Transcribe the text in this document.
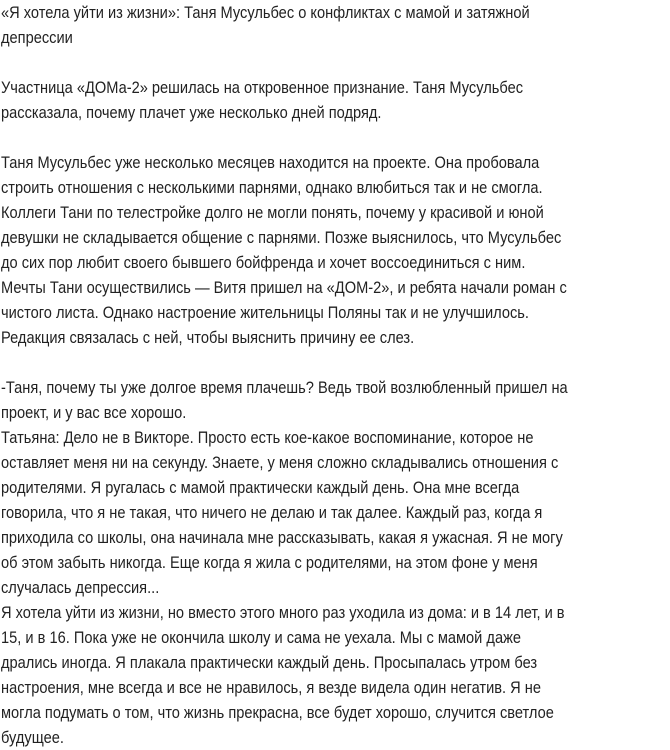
«Я хотела уйти из жизни»: Таня Мусульбес о конфликтах с мамой и затяжной
депрессии
Участница «ДОМа-2» решилась на откровенное признание. Таня Мусульбес
рассказала, почему плачет уже несколько дней подряд.
Таня Мусульбес уже несколько месяцев находится на проекте. Она пробовала
строить отношения с несколькими парнями, однако влюбиться так и не смогла.
Коллеги Тани по телестройке долго не могли понять, почему у красивой и юной
девушки не складывается общение с парнями. Позже выяснилось, что Мусульбес
до сих пор любит своего бывшего бойфренда и хочет воссоединиться с ним.
Мечты Тани осуществились — Витя пришел на «ДОМ-2», и ребята начали роман с
чистого листа. Однако настроение жительницы Поляны так и не улучшилось.
Редакция связалась с ней, чтобы выяснить причину ее слез.
-Таня, почему ты уже долгое время плачешь? Ведь твой возлюбленный пришел на
проект, и у вас все хорошо.
Татьяна: Дело не в Викторе. Просто есть кое-какое воспоминание, которое не
оставляет меня ни на секунду. Знаете, у меня сложно складывались отношения с
родителями. Я ругалась с мамой практически каждый день. Она мне всегда
говорила, что я не такая, что ничего не делаю и так далее. Каждый раз, когда я
приходила со школы, она начинала мне рассказывать, какая я ужасная. Я не могу
об этом забыть никогда. Еще когда я жила с родителями, на этом фоне у меня
случалась депрессия...
Я хотела уйти из жизни, но вместо этого много раз уходила из дома: и в 14 лет, и в
15, и в 16. Пока уже не окончила школу и сама не уехала. Мы с мамой даже
дрались иногда. Я плакала практически каждый день. Просыпалась утром без
настроения, мне всегда и все не нравилось, я везде видела один негатив. Я не
могла подумать о том, что жизнь прекрасна, все будет хорошо, случится светлое
будущее.
